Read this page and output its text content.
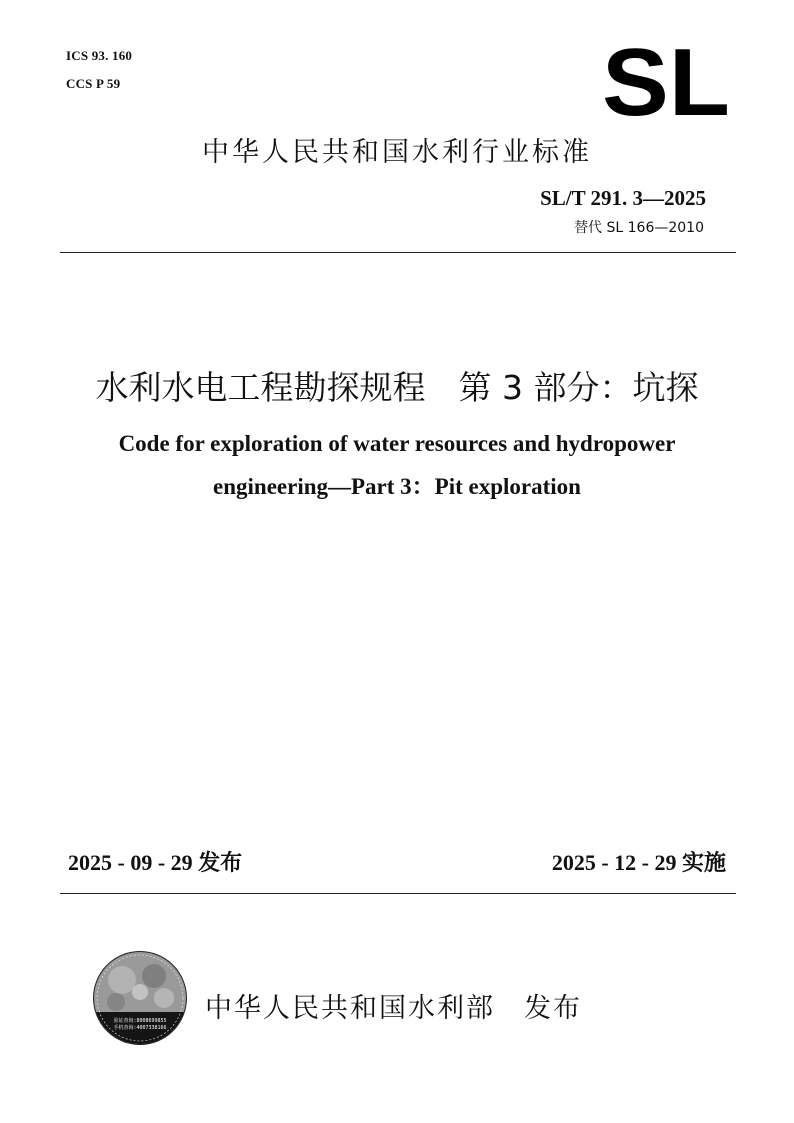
ICS 93. 160
CCS P 59	SL
中华人民共和国水利行业标准
SL/T 291. 3—2025
替代 SL 166—2010
水利水电工程勘探规程　第 3 部分：坑探
Code for exploration of water resources and hydropower
engineering—Part 3：Pit exploration
2025 - 09 - 29 发布	2025 - 12 - 29 实施
验证查询:8008699855
手机查询:4007338166
中华人民共和国水利部　发布
